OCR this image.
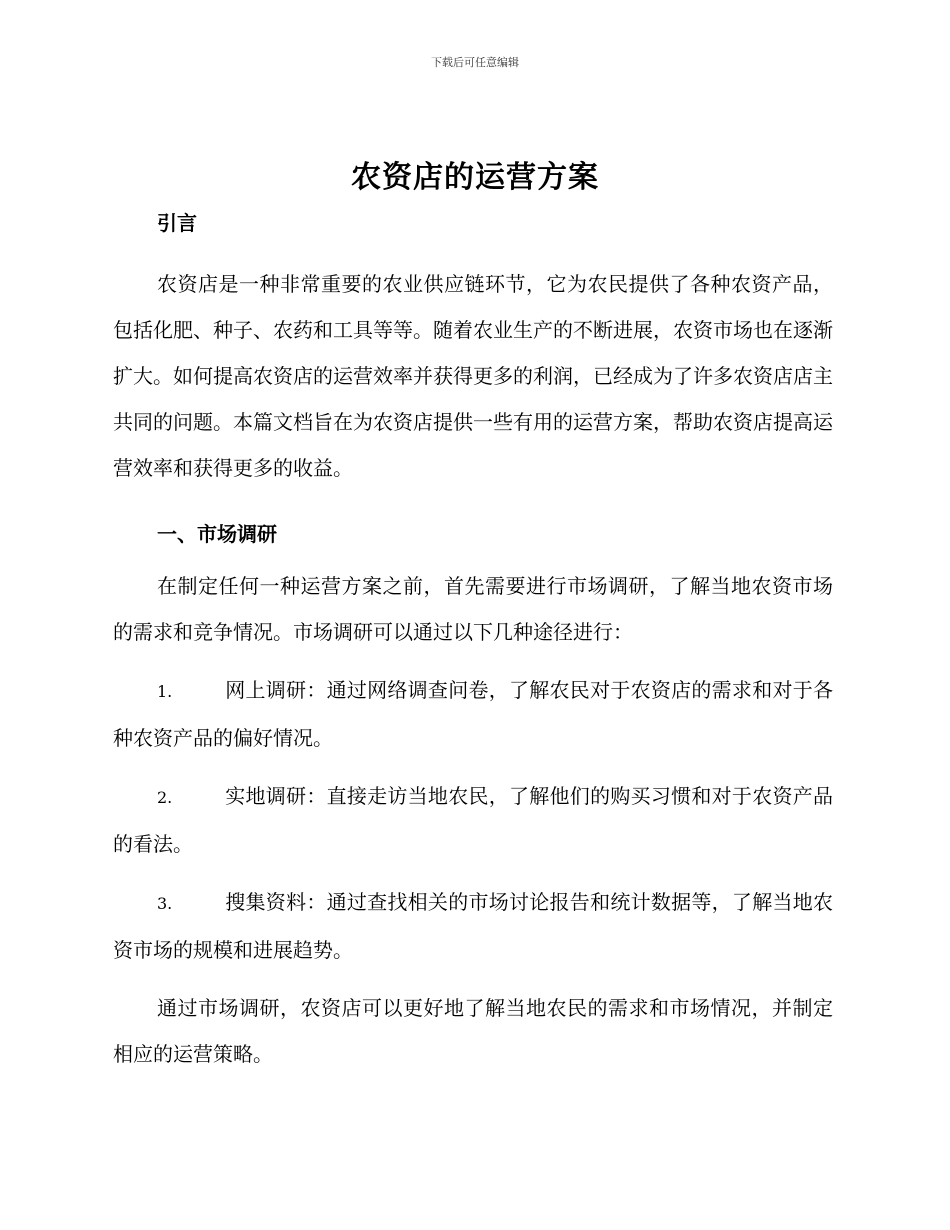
下载后可任意编辑
农资店的运营方案

引言

农资店是一种非常重要的农业供应链环节，它为农民提供了各种农资产品，包括化肥、种子、农药和工具等等。随着农业生产的不断进展，农资市场也在逐渐扩大。如何提高农资店的运营效率并获得更多的利润，已经成为了许多农资店店主共同的问题。本篇文档旨在为农资店提供一些有用的运营方案，帮助农资店提高运营效率和获得更多的收益。

一、市场调研

在制定任何一种运营方案之前，首先需要进行市场调研，了解当地农资市场的需求和竞争情况。市场调研可以通过以下几种途径进行：

1.	网上调研：通过网络调查问卷，了解农民对于农资店的需求和对于各种农资产品的偏好情况。

2.	实地调研：直接走访当地农民，了解他们的购买习惯和对于农资产品的看法。

3.	搜集资料：通过查找相关的市场讨论报告和统计数据等，了解当地农资市场的规模和进展趋势。

通过市场调研，农资店可以更好地了解当地农民的需求和市场情况，并制定相应的运营策略。
